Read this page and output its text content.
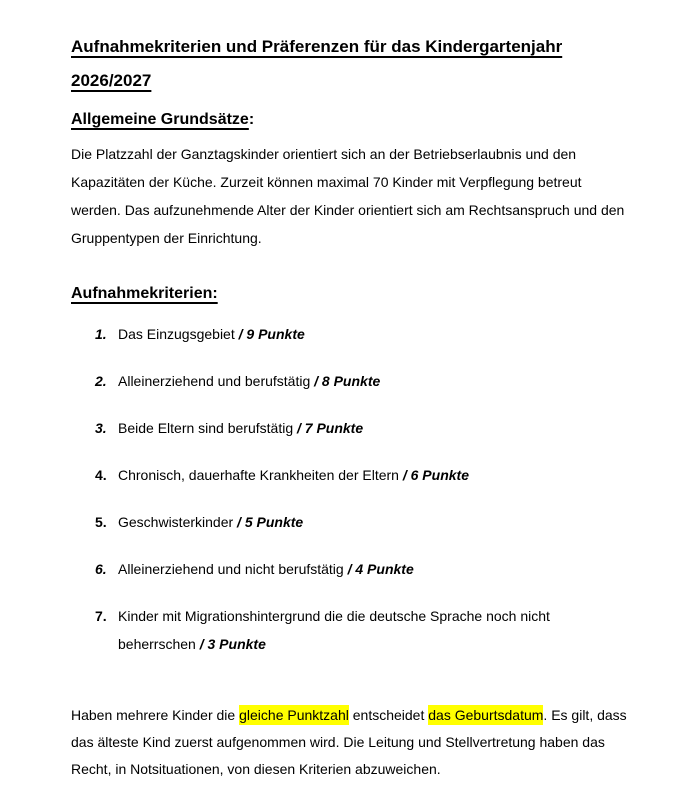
Aufnahmekriterien und Präferenzen für das Kindergartenjahr
2026/2027
Allgemeine Grundsätze:

Die Platzzahl der Ganztagskinder orientiert sich an der Betriebserlaubnis und den Kapazitäten der Küche. Zurzeit können maximal 70 Kinder mit Verpflegung betreut werden. Das aufzunehmende Alter der Kinder orientiert sich am Rechtsanspruch und den Gruppentypen der Einrichtung.

Aufnahmekriterien:
1. Das Einzugsgebiet / 9 Punkte
2. Alleinerziehend und berufstätig / 8 Punkte
3. Beide Eltern sind berufstätig / 7 Punkte
4. Chronisch, dauerhafte Krankheiten der Eltern / 6 Punkte
5. Geschwisterkinder / 5 Punkte
6. Alleinerziehend und nicht berufstätig / 4 Punkte
7. Kinder mit Migrationshintergrund die die deutsche Sprache noch nicht beherrschen / 3 Punkte

Haben mehrere Kinder die gleiche Punktzahl entscheidet das Geburtsdatum. Es gilt, dass das älteste Kind zuerst aufgenommen wird. Die Leitung und Stellvertretung haben das Recht, in Notsituationen, von diesen Kriterien abzuweichen.
